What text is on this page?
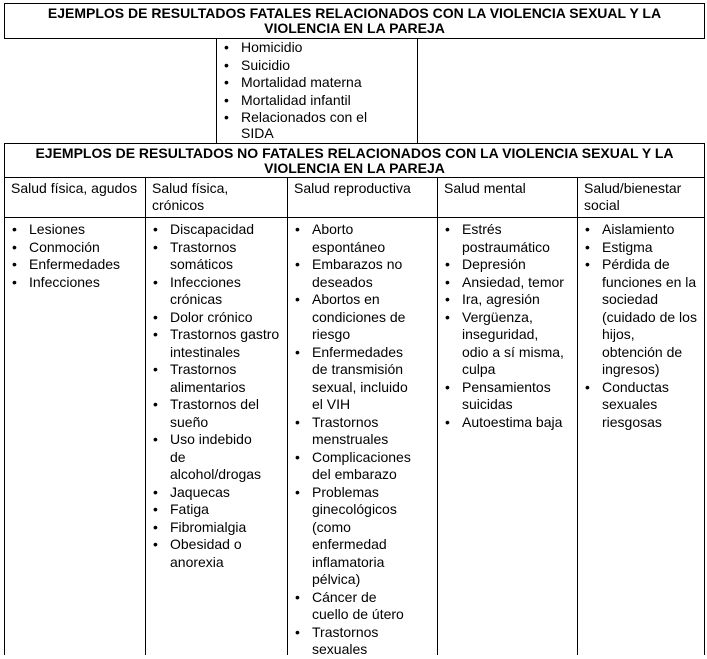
EJEMPLOS DE RESULTADOS FATALES RELACIONADOS CON LA VIOLENCIA SEXUAL Y LA VIOLENCIA EN LA PAREJA
• Homicidio
• Suicidio
• Mortalidad materna
• Mortalidad infantil
• Relacionados con el SIDA
EJEMPLOS DE RESULTADOS NO FATALES RELACIONADOS CON LA VIOLENCIA SEXUAL Y LA VIOLENCIA EN LA PAREJA
Salud física, agudos
• Lesiones
• Conmoción
• Enfermedades
• Infecciones
Salud física, crónicos
• Discapacidad
• Trastornos somáticos
• Infecciones crónicas
• Dolor crónico
• Trastornos gastrointestinales
• Trastornos alimentarios
• Trastornos del sueño
• Uso indebido de alcohol/drogas
• Jaquecas
• Fatiga
• Fibromialgia
• Obesidad o anorexia
Salud reproductiva
• Aborto espontáneo
• Embarazos no deseados
• Abortos en condiciones de riesgo
• Enfermedades de transmisión sexual, incluido el VIH
• Trastornos menstruales
• Complicaciones del embarazo
• Problemas ginecológicos (como enfermedad inflamatoria pélvica)
• Cáncer de cuello de útero
• Trastornos sexuales
Salud mental
• Estrés postraumático
• Depresión
• Ansiedad, temor
• Ira, agresión
• Vergüenza, inseguridad, odio a sí misma, culpa
• Pensamientos suicidas
• Autoestima baja
Salud/bienestar social
• Aislamiento
• Estigma
• Pérdida de funciones en la sociedad (cuidado de los hijos, obtención de ingresos)
• Conductas sexuales riesgosas
